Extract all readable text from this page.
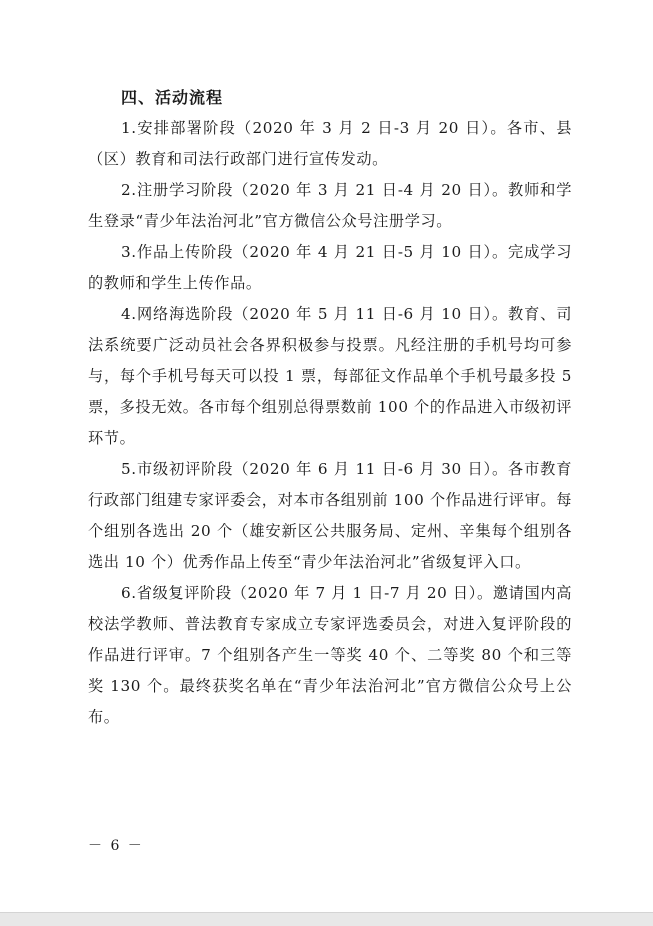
四、活动流程

1.安排部署阶段（2020 年 3 月 2 日-3 月 20 日）。各市、县（区）教育和司法行政部门进行宣传发动。

2.注册学习阶段（2020 年 3 月 21 日-4 月 20 日）。教师和学生登录“青少年法治河北”官方微信公众号注册学习。

3.作品上传阶段（2020 年 4 月 21 日-5 月 10 日）。完成学习的教师和学生上传作品。

4.网络海选阶段（2020 年 5 月 11 日-6 月 10 日）。教育、司法系统要广泛动员社会各界积极参与投票。凡经注册的手机号均可参与，每个手机号每天可以投 1 票，每部征文作品单个手机号最多投 5 票，多投无效。各市每个组别总得票数前 100 个的作品进入市级初评环节。

5.市级初评阶段（2020 年 6 月 11 日-6 月 30 日）。各市教育行政部门组建专家评委会，对本市各组别前 100 个作品进行评审。每个组别各选出 20 个（雄安新区公共服务局、定州、辛集每个组别各选出 10 个）优秀作品上传至“青少年法治河北”省级复评入口。

6.省级复评阶段（2020 年 7 月 1 日-7 月 20 日）。邀请国内高校法学教师、普法教育专家成立专家评选委员会，对进入复评阶段的作品进行评审。7 个组别各产生一等奖 40 个、二等奖 80 个和三等奖 130 个。最终获奖名单在“青少年法治河北”官方微信公众号上公布。

－ 6 －
